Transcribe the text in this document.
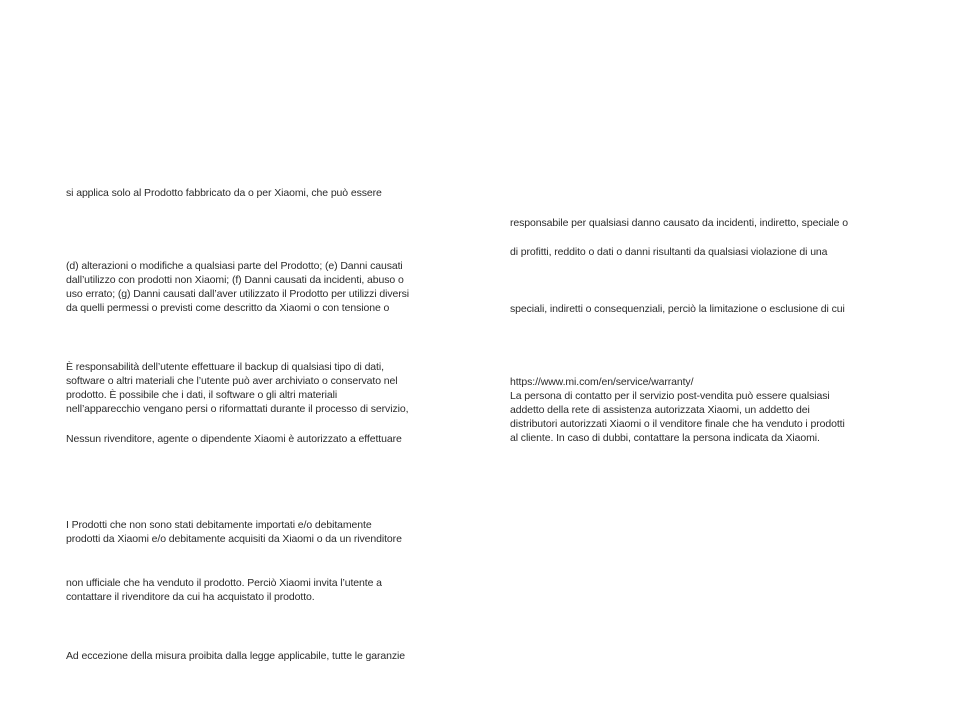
si applica solo al Prodotto fabbricato da o per Xiaomi, che può essere
(d) alterazioni o modifiche a qualsiasi parte del Prodotto; (e) Danni causati
dall’utilizzo con prodotti non Xiaomi; (f) Danni causati da incidenti, abuso o
uso errato; (g) Danni causati dall’aver utilizzato il Prodotto per utilizzi diversi
da quelli permessi o previsti come descritto da Xiaomi o con tensione o
È responsabilità dell’utente effettuare il backup di qualsiasi tipo di dati,
software o altri materiali che l’utente può aver archiviato o conservato nel
prodotto. È possibile che i dati, il software o gli altri materiali
nell’apparecchio vengano persi o riformattati durante il processo di servizio,
Nessun rivenditore, agente o dipendente Xiaomi è autorizzato a effettuare
I Prodotti che non sono stati debitamente importati e/o debitamente
prodotti da Xiaomi e/o debitamente acquisiti da Xiaomi o da un rivenditore
non ufficiale che ha venduto il prodotto. Perciò Xiaomi invita l’utente a
contattare il rivenditore da cui ha acquistato il prodotto.
Ad eccezione della misura proibita dalla legge applicabile, tutte le garanzie
responsabile per qualsiasi danno causato da incidenti, indiretto, speciale o
di profitti, reddito o dati o danni risultanti da qualsiasi violazione di una
speciali, indiretti o consequenziali, perciò la limitazione o esclusione di cui
https://www.mi.com/en/service/warranty/
La persona di contatto per il servizio post-vendita può essere qualsiasi
addetto della rete di assistenza autorizzata Xiaomi, un addetto dei
distributori autorizzati Xiaomi o il venditore finale che ha venduto i prodotti
al cliente. In caso di dubbi, contattare la persona indicata da Xiaomi.
